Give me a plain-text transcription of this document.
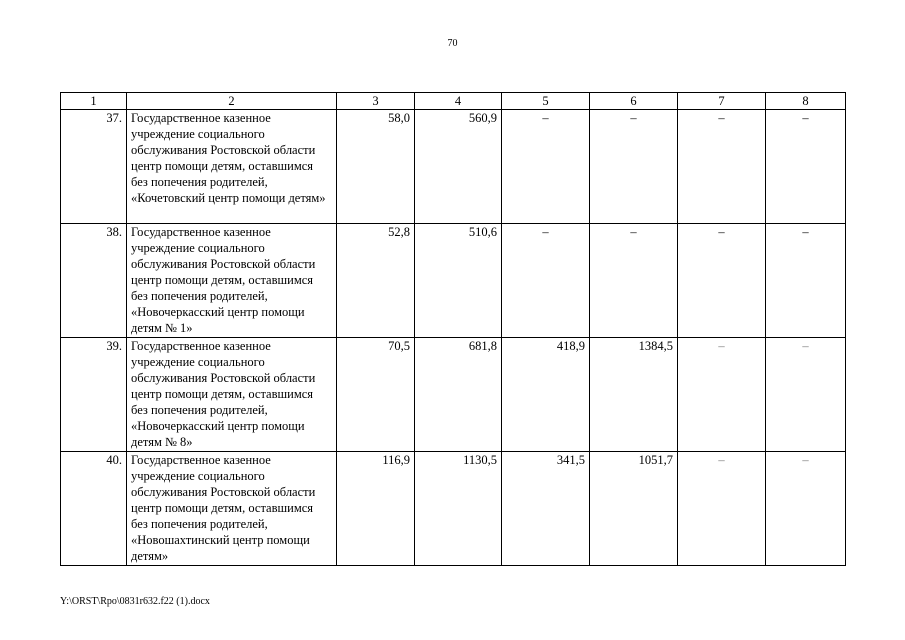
70
1	2	3	4	5	6	7	8
37.	Государственное казенное учреждение социального обслуживания Ростовской области центр помощи детям, оставшимся без попечения родителей, «Кочетовский центр помощи детям»	58,0	560,9	–	–	–	–
38.	Государственное казенное учреждение социального обслуживания Ростовской области центр помощи детям, оставшимся без попечения родителей, «Новочеркасский центр помощи детям № 1»	52,8	510,6	–	–	–	–
39.	Государственное казенное учреждение социального обслуживания Ростовской области центр помощи детям, оставшимся без попечения родителей, «Новочеркасский центр помощи детям № 8»	70,5	681,8	418,9	1384,5	–	–
40.	Государственное казенное учреждение социального обслуживания Ростовской области центр помощи детям, оставшимся без попечения родителей, «Новошахтинский центр помощи детям»	116,9	1130,5	341,5	1051,7	–	–
Y:\ORST\Rpo\0831r632.f22 (1).docx
